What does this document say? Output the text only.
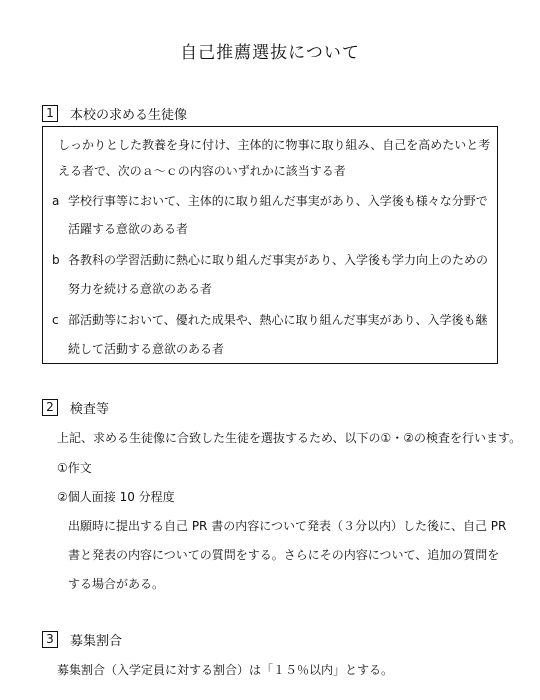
自己推薦選抜について
1	本校の求める生徒像
しっかりとした教養を身に付け、主体的に物事に取り組み、自己を高めたいと考
える者で、次のａ～ｃの内容のいずれかに該当する者
a 学校行事等において、主体的に取り組んだ事実があり、入学後も様々な分野で
活躍する意欲のある者
b 各教科の学習活動に熱心に取り組んだ事実があり、入学後も学力向上のための
努力を続ける意欲のある者
c 部活動等において、優れた成果や、熱心に取り組んだ事実があり、入学後も継
続して活動する意欲のある者
2	検査等
上記、求める生徒像に合致した生徒を選抜するため、以下の①・②の検査を行います。
①作文
②個人面接 10 分程度
出願時に提出する自己 PR 書の内容について発表（３分以内）した後に、自己 PR
書と発表の内容についての質問をする。さらにその内容について、追加の質問を
する場合がある。
3	募集割合
募集割合（入学定員に対する割合）は「１５％以内」とする。
